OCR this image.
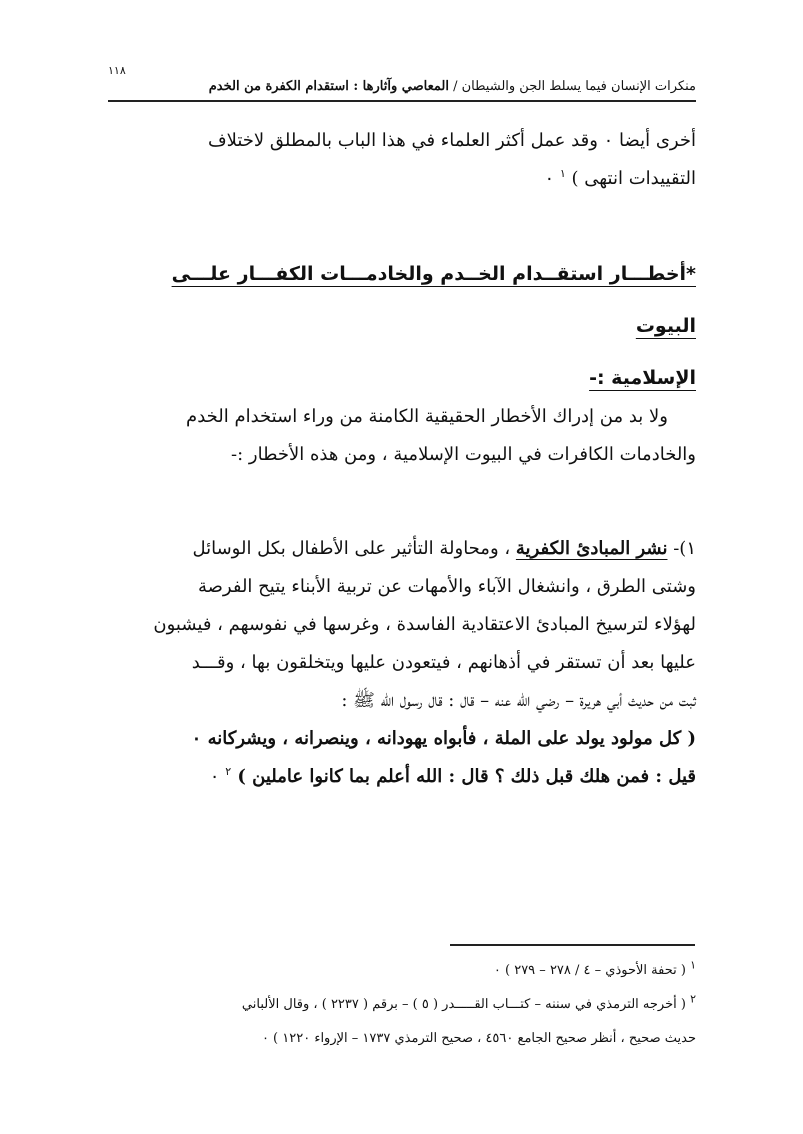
منكرات الإنسان فيما يسلط الجن والشيطان / المعاصي وآثارها : استقدام الكفرة من الخدم
١١٨

أخرى أيضا ٠ وقد عمل أكثر العلماء في هذا الباب بالمطلق لاختلاف

التقييدات انتهى ) $^١$ ٠

*أخطـــار استقــدام الخــدم والخادمـــات الكفـــار علـــى البيوت
الإسلامية :-

ولا بد من إدراك الأخطار الحقيقية الكامنة من وراء استخدام الخدم

والخادمات الكافرات في البيوت الإسلامية ، ومن هذه الأخطار :-

١)- نشر المبادئ الكفرية ، ومحاولة التأثير على الأطفال بكل الوسائل

وشتى الطرق ، وانشغال الآباء والأمهات عن تربية الأبناء يتيح الفرصة

لهؤلاء لترسيخ المبادئ الاعتقادية الفاسدة ، وغرسها في نفوسهم ، فيشبون

عليها بعد أن تستقر في أذهانهم ، فيتعودن عليها ويتخلقون بها ، وقـــد

ثبت من حديث أبي هريرة – رضي الله عنه – قال : قال رسول الله ﷺ :

( كل مولود يولد على الملة ، فأبواه يهودانه ، وينصرانه ، ويشركانه ٠

قيل : فمن هلك قبل ذلك ؟ قال : الله أعلم بما كانوا عاملين ) $^٢$ ٠

$^١$ ( تحفة الأحوذي – ٤ / ٢٧٨ – ٢٧٩ ) ٠

$^٢$ ( أخرجه الترمذي في سننه – كتـــاب القـــــدر ( ٥ ) – برقم ( ٢٢٣٧ ) ، وقال الألباني

حديث صحيح ، أنظر صحيح الجامع ٤٥٦٠ ، صحيح الترمذي ١٧٣٧ – الإرواء ١٢٢٠ ) ٠
